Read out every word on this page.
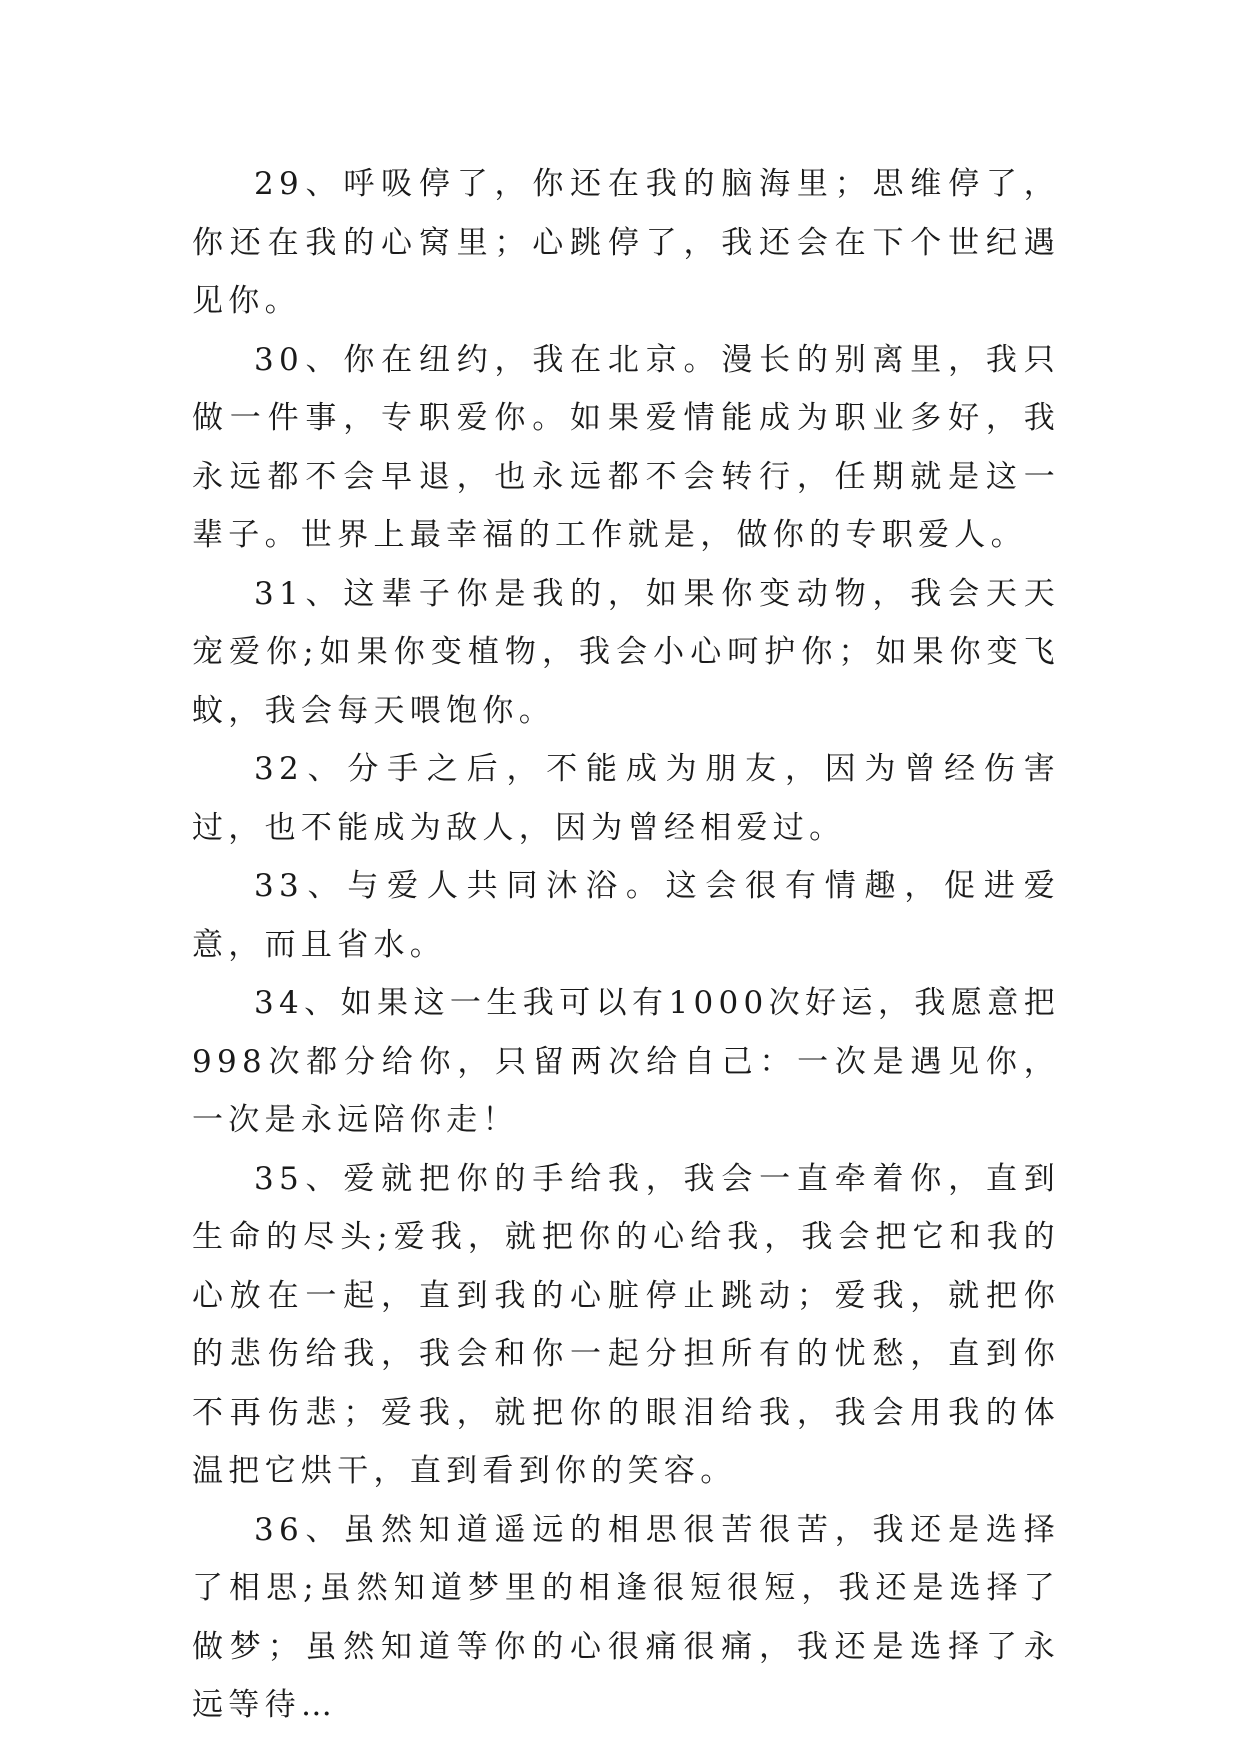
29、呼吸停了，你还在我的脑海里；思维停了，你还在我的心窝里；心跳停了，我还会在下个世纪遇见你。

30、你在纽约，我在北京。漫长的别离里，我只做一件事，专职爱你。如果爱情能成为职业多好，我永远都不会早退，也永远都不会转行，任期就是这一辈子。世界上最幸福的工作就是，做你的专职爱人。

31、这辈子你是我的，如果你变动物，我会天天宠爱你;如果你变植物，我会小心呵护你；如果你变飞蚊，我会每天喂饱你。

32、分手之后，不能成为朋友，因为曾经伤害过，也不能成为敌人，因为曾经相爱过。

33、与爱人共同沐浴。这会很有情趣，促进爱意，而且省水。

34、如果这一生我可以有1000次好运，我愿意把998次都分给你，只留两次给自己：一次是遇见你，一次是永远陪你走！

35、爱就把你的手给我，我会一直牵着你，直到生命的尽头;爱我，就把你的心给我，我会把它和我的心放在一起，直到我的心脏停止跳动；爱我，就把你的悲伤给我，我会和你一起分担所有的忧愁，直到你不再伤悲；爱我，就把你的眼泪给我，我会用我的体温把它烘干，直到看到你的笑容。

36、虽然知道遥远的相思很苦很苦，我还是选择了相思;虽然知道梦里的相逢很短很短，我还是选择了做梦；虽然知道等你的心很痛很痛，我还是选择了永远等待…
